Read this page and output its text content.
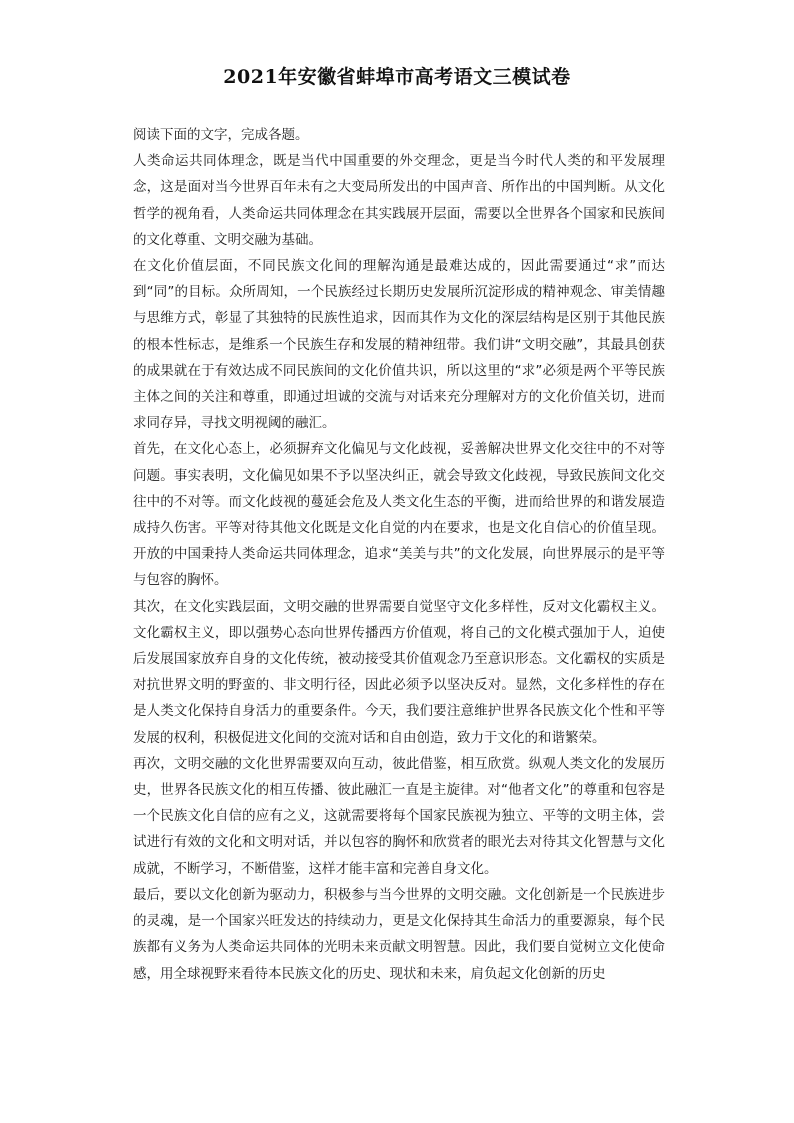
2021年安徽省蚌埠市高考语文三模试卷

阅读下面的文字，完成各题。

人类命运共同体理念，既是当代中国重要的外交理念，更是当今时代人类的和平发展理念，这是面对当今世界百年未有之大变局所发出的中国声音、所作出的中国判断。从文化哲学的视角看，人类命运共同体理念在其实践展开层面，需要以全世界各个国家和民族间的文化尊重、文明交融为基础。

在文化价值层面，不同民族文化间的理解沟通是最难达成的，因此需要通过“求”而达到“同”的目标。众所周知，一个民族经过长期历史发展所沉淀形成的精神观念、审美情趣与思维方式，彰显了其独特的民族性追求，因而其作为文化的深层结构是区别于其他民族的根本性标志，是维系一个民族生存和发展的精神纽带。我们讲“文明交融”，其最具创获的成果就在于有效达成不同民族间的文化价值共识，所以这里的“求”必须是两个平等民族主体之间的关注和尊重，即通过坦诚的交流与对话来充分理解对方的文化价值关切，进而求同存异，寻找文明视阈的融汇。

首先，在文化心态上，必须摒弃文化偏见与文化歧视，妥善解决世界文化交往中的不对等问题。事实表明，文化偏见如果不予以坚决纠正，就会导致文化歧视，导致民族间文化交往中的不对等。而文化歧视的蔓延会危及人类文化生态的平衡，进而给世界的和谐发展造成持久伤害。平等对待其他文化既是文化自觉的内在要求，也是文化自信心的价值呈现。开放的中国秉持人类命运共同体理念，追求“美美与共”的文化发展，向世界展示的是平等与包容的胸怀。

其次，在文化实践层面，文明交融的世界需要自觉坚守文化多样性，反对文化霸权主义。文化霸权主义，即以强势心态向世界传播西方价值观，将自己的文化模式强加于人，迫使后发展国家放弃自身的文化传统，被动接受其价值观念乃至意识形态。文化霸权的实质是对抗世界文明的野蛮的、非文明行径，因此必须予以坚决反对。显然，文化多样性的存在是人类文化保持自身活力的重要条件。今天，我们要注意维护世界各民族文化个性和平等发展的权利，积极促进文化间的交流对话和自由创造，致力于文化的和谐繁荣。

再次，文明交融的文化世界需要双向互动，彼此借鉴，相互欣赏。纵观人类文化的发展历史，世界各民族文化的相互传播、彼此融汇一直是主旋律。对“他者文化”的尊重和包容是一个民族文化自信的应有之义，这就需要将每个国家民族视为独立、平等的文明主体，尝试进行有效的文化和文明对话，并以包容的胸怀和欣赏者的眼光去对待其文化智慧与文化成就，不断学习，不断借鉴，这样才能丰富和完善自身文化。

最后，要以文化创新为驱动力，积极参与当今世界的文明交融。文化创新是一个民族进步的灵魂，是一个国家兴旺发达的持续动力，更是文化保持其生命活力的重要源泉，每个民族都有义务为人类命运共同体的光明未来贡献文明智慧。因此，我们要自觉树立文化使命感，用全球视野来看待本民族文化的历史、现状和未来，肩负起文化创新的历史
